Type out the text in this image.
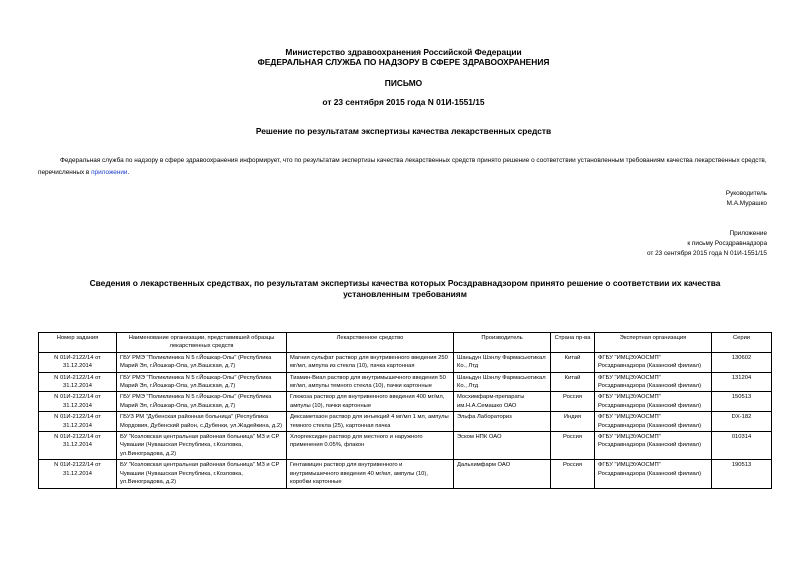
Министерство здравоохранения Российской Федерации
ФЕДЕРАЛЬНАЯ СЛУЖБА ПО НАДЗОРУ В СФЕРЕ ЗДРАВООХРАНЕНИЯ
ПИСЬМО
от 23 сентября 2015 года N 01И-1551/15
Решение по результатам экспертизы качества лекарственных средств

Федеральная служба по надзору в сфере здравоохранения информирует, что по результатам экспертизы качества лекарственных средств принято решение о соответствии установленным требованиям качества лекарственных средств, перечисленных в приложении.

Руководитель
М.А.Мурашко
Приложение
к письму Росздравнадзора
от 23 сентября 2015 года N 01И-1551/15
Сведения о лекарственных средствах, по результатам экспертизы качества которых Росздравнадзором принято решение о соответствии их качества установленным требованиям
Номер задания	Наименование организации, представившей образцы лекарственных средств	Лекарственное средство	Производитель	Страна пр-ва	Экспертная организация	Серии
N 01И-2122/14 от 31.12.2014	ГБУ РМЭ "Поликлиника N 5 г.Йошкар-Олы" (Республика Марий Эл, г.Йошкар-Ола, ул.Вашская, д.7)	Магния сульфат раствор для внутривенного введения 250 мг/мл, ампула из стекла (10), пачка картонная	Шаньдун Шэнлу Фармасьютикал Ко., Лтд	Китай	ФГБУ "ИМЦЭУАОСМП" Росздравнадзора (Казанский филиал)	130602
N 01И-2122/14 от 31.12.2014	ГБУ РМЭ "Поликлиника N 5 г.Йошкар-Олы" (Республика Марий Эл, г.Йошкар-Ола, ул.Вашская, д.7)	Тиамин-Виал раствор для внутримышечного введения 50 мг/мл, ампулы темного стекла (10), пачки картонные	Шаньдун Шэнлу Фармасьютикал Ко., Лтд	Китай	ФГБУ "ИМЦЭУАОСМП" Росздравнадзора (Казанский филиал)	131204
N 01И-2122/14 от 31.12.2014	ГБУ РМЭ "Поликлиника N 5 г.Йошкар-Олы" (Республика Марий Эл, г.Йошкар-Ола, ул.Вашская, д.7)	Глюкоза раствор для внутривенного введения 400 мг/мл, ампулы (10), пачки картонные	Мосхимфарм-препараты им.Н.А.Семашко ОАО	Россия	ФГБУ "ИМЦЭУАОСМП" Росздравнадзора (Казанский филиал)	150513
N 01И-2122/14 от 31.12.2014	ГБУЗ РМ "Дубенская районная больница" (Республика Мордовия, Дубенский район, с.Дубенки, ул.Жадейкина, д.2)	Дексаметазон раствор для инъекций 4 мг/мл 1 мл, ампулы темного стекла (25), картонная пачка	Эльфа Лабораториз	Индия	ФГБУ "ИМЦЭУАОСМП" Росздравнадзора (Казанский филиал)	DX-182
N 01И-2122/14 от 31.12.2014	БУ "Козловская центральная районная больница" МЗ и СР Чувашии (Чувашская Республика, г.Козловка, ул.Виноградова, д.2)	Хлоргексидин раствор для местного и наружного применения 0.05%, флакон	Эском НПК ОАО	Россия	ФГБУ "ИМЦЭУАОСМП" Росздравнадзора (Казанский филиал)	010314
N 01И-2122/14 от 31.12.2014	БУ "Козловская центральная районная больница" МЗ и СР Чувашии (Чувашская Республика, г.Козловка, ул.Виноградова, д.2)	Гентамицин раствор для внутривенного и внутримышечного введения 40 мг/мл, ампулы (10), коробки картонные	Дальхимфарм ОАО	Россия	ФГБУ "ИМЦЭУАОСМП" Росздравнадзора (Казанский филиал)	190513
